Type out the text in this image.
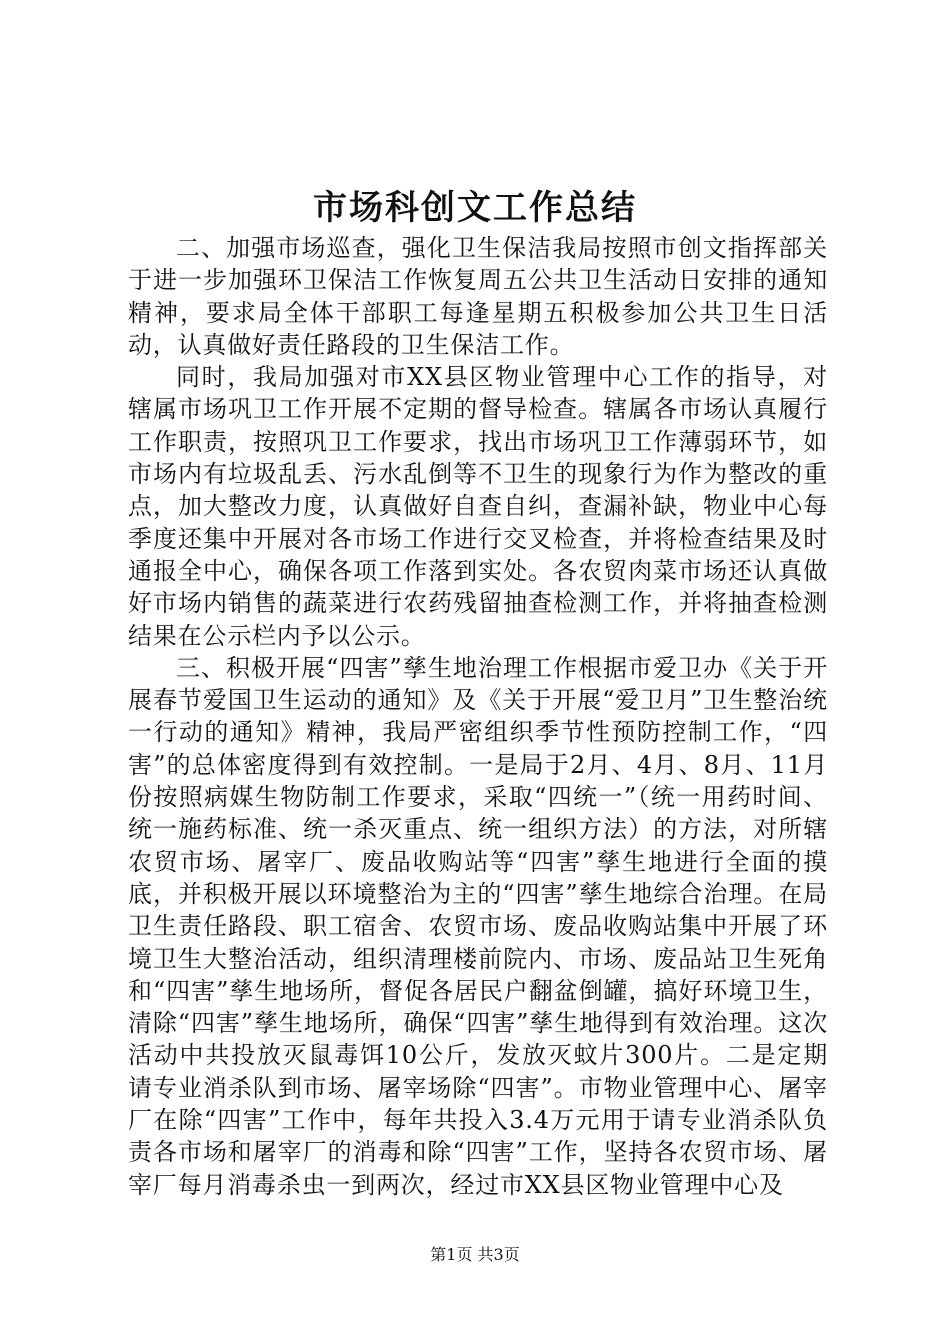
市场科创文工作总结

二、加强市场巡查，强化卫生保洁我局按照市创文指挥部关于进一步加强环卫保洁工作恢复周五公共卫生活动日安排的通知精神，要求局全体干部职工每逢星期五积极参加公共卫生日活动，认真做好责任路段的卫生保洁工作。

同时，我局加强对市XX县区物业管理中心工作的指导，对辖属市场巩卫工作开展不定期的督导检查。辖属各市场认真履行工作职责，按照巩卫工作要求，找出市场巩卫工作薄弱环节，如市场内有垃圾乱丢、污水乱倒等不卫生的现象行为作为整改的重点，加大整改力度，认真做好自查自纠，查漏补缺，物业中心每季度还集中开展对各市场工作进行交叉检查，并将检查结果及时通报全中心，确保各项工作落到实处。各农贸肉菜市场还认真做好市场内销售的蔬菜进行农药残留抽查检测工作，并将抽查检测结果在公示栏内予以公示。

三、积极开展“四害”孳生地治理工作根据市爱卫办《关于开展春节爱国卫生运动的通知》及《关于开展“爱卫月”卫生整治统一行动的通知》精神，我局严密组织季节性预防控制工作，“四害”的总体密度得到有效控制。一是局于2月、4月、8月、11月份按照病媒生物防制工作要求，采取“四统一”（统一用药时间、统一施药标准、统一杀灭重点、统一组织方法）的方法，对所辖农贸市场、屠宰厂、废品收购站等“四害”孳生地进行全面的摸底，并积极开展以环境整治为主的“四害”孳生地综合治理。在局卫生责任路段、职工宿舍、农贸市场、废品收购站集中开展了环境卫生大整治活动，组织清理楼前院内、市场、废品站卫生死角和“四害”孳生地场所，督促各居民户翻盆倒罐，搞好环境卫生，清除“四害”孳生地场所，确保“四害”孳生地得到有效治理。这次活动中共投放灭鼠毒饵10公斤，发放灭蚊片300片。二是定期请专业消杀队到市场、屠宰场除“四害”。市物业管理中心、屠宰厂在除“四害”工作中，每年共投入3.4万元用于请专业消杀队负责各市场和屠宰厂的消毒和除“四害”工作，坚持各农贸市场、屠宰厂每月消毒杀虫一到两次，经过市XX县区物业管理中心及

第1页 共3页
